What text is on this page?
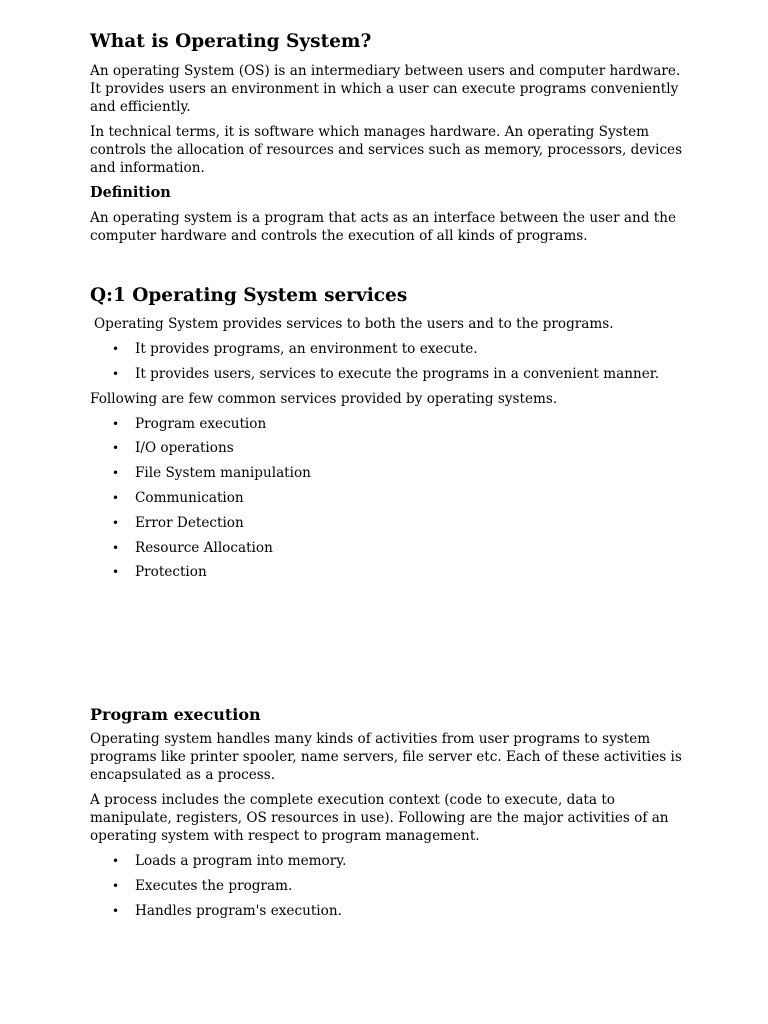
What is Operating System?

An operating System (OS) is an intermediary between users and computer hardware. It provides users an environment in which a user can execute programs conveniently and efficiently.

In technical terms, it is software which manages hardware. An operating System controls the allocation of resources and services such as memory, processors, devices and information.

Definition

An operating system is a program that acts as an interface between the user and the computer hardware and controls the execution of all kinds of programs.

Q:1 Operating System services

Operating System provides services to both the users and to the programs.

• It provides programs, an environment to execute.
• It provides users, services to execute the programs in a convenient manner.

Following are few common services provided by operating systems.

• Program execution
• I/O operations
• File System manipulation
• Communication
• Error Detection
• Resource Allocation
• Protection
Program execution

Operating system handles many kinds of activities from user programs to system programs like printer spooler, name servers, file server etc. Each of these activities is encapsulated as a process.

A process includes the complete execution context (code to execute, data to manipulate, registers, OS resources in use). Following are the major activities of an operating system with respect to program management.

• Loads a program into memory.
• Executes the program.
• Handles program's execution.
